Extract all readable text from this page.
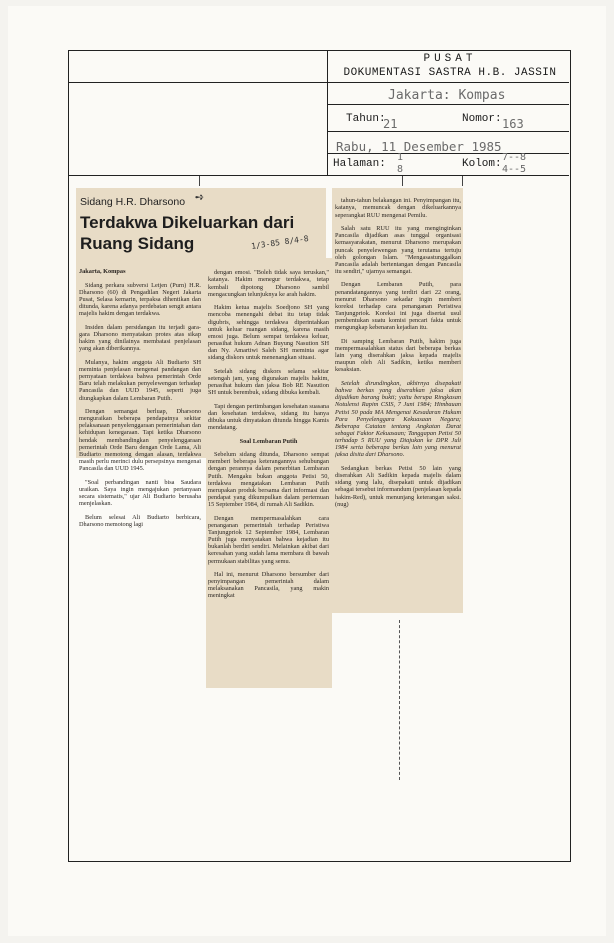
PUSAT
DOKUMENTASI SASTRA H.B. JASSIN
Jakarta: Kompas
Tahun:
21	Nomor: 163
Rabu, 11 Desember 1985
Halaman:
1
8	Kolom:
7--8
4--5
Sidang H.R. Dharsono
Terdakwa Dikeluarkan dari Ruang Sidang	1/3-85 8/4-8
➺

Jakarta, Kompas

Sidang perkara subversi Letjen (Purn) H.R. Dharsono (60) di Pengadilan Negeri Jakarta Pusat, Selasa kemarin, terpaksa dihentikan dan ditunda, karena adanya perdebatan sengit antara majelis hakim dengan terdakwa.

Insiden dalam persidangan itu terjadi gara-gara Dharsono menyatakan protes atas sikap hakim yang dinilainya membatasi penjelasan yang akan diberikannya.

Mulanya, hakim anggota Ali Budiarto SH meminta penjelasan mengenai pandangan dan pernyataan terdakwa bahwa pemerintah Orde Baru telah melakukan penyelewengan terhadap Pancasila dan UUD 1945, seperti juga diungkapkan dalam Lembaran Putih.

Dengan semangat berluap, Dharsono menguraikan beberapa pendapatnya sekitar pelaksanaan penyelenggaraan pemerintahan dan kehidupan kenegaraan. Tapi ketika Dharsono hendak membandingkan penyelenggaraan pemerintah Orde Baru dengan Orde Lama, Ali Budiarto memotong dengan alasan, terdakwa masih perlu merinci dulu persepsinya mengenai Pancasila dan UUD 1945.

"Soal perbandingan nanti bisa Saudara uraikan. Saya ingin mengajukan pertanyaan secara sistematis," ujar Ali Budiarto berusaha menjelaskan.

Belum selesai Ali Budiarto berbicara, Dharsono memotong lagi

dengan emosi. "Boleh tidak saya teruskan," katanya. Hakim menegur terdakwa, tetap kembali dipotong Dharsono sambil mengacungkan telunjuknya ke arah hakim.

Hakim ketua majelis Soedjono SH yang mencoba menengahi debat itu tetap tidak digubris, sehingga terdakwa diperintahkan untuk keluar ruangan sidang, karena masih emosi juga. Belum sempat terdakwa keluar, penasihat hukum Adnan Buyung Nasution SH dan Ny. Amartiwi Saleh SH meminta agar sidang diskors untuk menenangkan situasi.

Setelah sidang diskors selama sekitar setengah jam, yang digunakan majelis hakim, penasihat hukum dan jaksa Bob RE Nasution SH untuk berembuk, sidang dibuka kembali.

Tapi dengan pertimbangan kesehatan suasana dan kesehatan terdakwa, sidang itu hanya dibuka untuk dinyatakan ditunda hingga Kamis mendatang.

Soal Lembaran Putih

Sebelum sidang ditunda, Dharsono sempat memberi beberapa keterangannya sehubungan dengan perannya dalam penerbitan Lembaran Putih. Mengaku bukan anggota Petisi 50, terdakwa mengatakan Lembaran Putih merupakan produk bersama dari informasi dan pendapat yang dikumpulkan dalam pertemuan 15 September 1984, di rumah Ali Sadikin.

Dengan mempermasalahkan cara penanganan pemerintah terhadap Peristiwa Tanjungpriok 12 September 1984, Lembaran Putih juga menyatakan bahwa kejadian itu bukanlah berdiri sendiri. Melainkan akibat dari keresahan yang sudah lama membara di bawah permukaan stabilitas yang semu.

Hal ini, menurut Dharsono bersumber dari penyimpangan pemerintah dalam melaksanakan Pancasila, yang makin meningkat

tahun-tahun belakangan ini. Penyimpangan itu, katanya, memuncak dengan dikeluarkannya seperangkat RUU mengenai Pemilu.

Salah satu RUU itu yang menginginkan Pancasila dijadikan asas tunggal organisasi kemasyarakatan, menurut Dharsono merupakan puncak penyelewengan yang terutama tertuju oleh golongan Islam. "Mengasastunggalkan Pancasila adalah bertentangan dengan Pancasila itu sendiri," ujarnya semangat.

Dengan Lembaran Putih, para penandatangannya yang terdiri dari 22 orang, menurut Dharsono sekadar ingin memberi koreksi terhadap cara penanganan Peristiwa Tanjungpriok. Koreksi ini juga disertai usul pembentukan suatu komisi pencari fakta untuk mengungkap kebenaran kejadian itu.

Di samping Lembaran Putih, hakim juga mempermasalahkan status dari beberapa berkas lain yang diserahkan jaksa kepada majelis maupun oleh Ali Sadikin, ketika memberi kesaksian.

Setelah dirundingkan, akhirnya disepakati bahwa berkas yang diserahkan jaksa akan dijadikan barang bukti; yaitu berupa Ringkasan Notulensi Rapim CSIS, 7 Juni 1984; Himbauan Petisi 50 pada MA Mengenai Kesadaran Hukum Para Penyelenggara Kekuasaan Negara; Beberapa Catatan tentang Angkatan Darat sebagai Faktor Kekuasaan; Tanggapan Petisi 50 terhadap 5 RUU yang Diajukan ke DPR Juli 1984 serta beberapa berkas lain yang menurut jaksa disita dari Dharsono.

Sedangkan berkas Petisi 50 lain yang diserahkan Ali Sadikin kepada majelis dalam sidang yang lalu, disepakati untuk dijadikan sebagai tersebut informandum (penjelasan kepada hakim-Red), untuk menunjang keterangan saksi. (nug)
